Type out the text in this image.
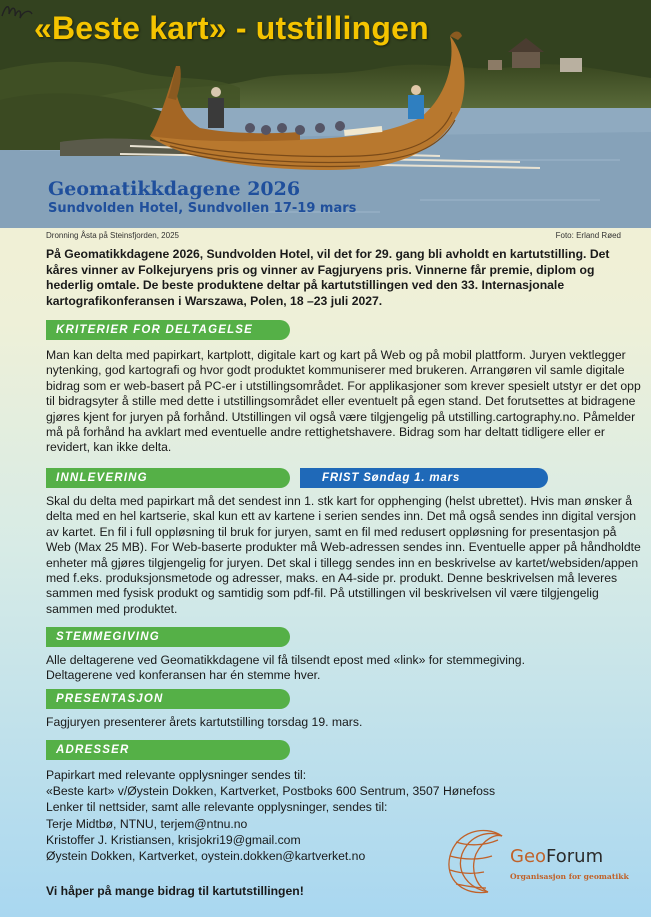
«Beste kart» - utstillingen
Geomatikkdagene 2026
Sundvolden Hotel, Sundvollen 17-19 mars
Dronning Åsta på Steinsfjorden, 2025	Foto: Erland Røed
På Geomatikkdagene 2026, Sundvolden Hotel, vil det for 29. gang bli avholdt en kartutstilling. Det kåres vinner av Folkejuryens pris og vinner av Fagjuryens pris. Vinnerne får premie, diplom og hederlig omtale. De beste produktene deltar på kartutstillingen ved den 33. Internasjonale kartografikonferansen i Warszawa, Polen, 18 –23 juli 2027.
KRITERIER FOR DELTAGELSE
Man kan delta med papirkart, kartplott, digitale kart og kart på Web og på mobil plattform. Juryen vektlegger nytenking, god kartografi og hvor godt produktet kommuniserer med brukeren. Arrangøren vil samle digitale bidrag som er web-basert på PC-er i utstillingsområdet. For applikasjoner som krever spesielt utstyr er det opp til bidragsyter å stille med dette i utstillingsområdet eller eventuelt på egen stand. Det forutsettes at bidragene gjøres kjent for juryen på forhånd. Utstillingen vil også være tilgjengelig på utstilling.cartography.no. Påmelder må på forhånd ha avklart med eventuelle andre rettighetshavere. Bidrag som har deltatt tidligere eller er revidert, kan ikke delta.
INNLEVERING	FRIST Søndag 1. mars
Skal du delta med papirkart må det sendest inn 1. stk kart for opphenging (helst ubrettet). Hvis man ønsker å delta med en hel kartserie, skal kun ett av kartene i serien sendes inn. Det må også sendes inn digital versjon av kartet. En fil i full oppløsning til bruk for juryen, samt en fil med redusert oppløsning for presentasjon på Web (Max 25 MB). For Web-baserte produkter må Web-adressen sendes inn. Eventuelle apper på håndholdte enheter må gjøres tilgjengelig for juryen. Det skal i tillegg sendes inn en beskrivelse av kartet/websiden/appen med f.eks. produksjonsmetode og adresser, maks. en A4-side pr. produkt. Denne beskrivelsen må leveres sammen med fysisk produkt og samtidig som pdf-fil. På utstillingen vil beskrivelsen vil være tilgjengelig sammen med produktet.
STEMMEGIVING
Alle deltagerene ved Geomatikkdagene vil få tilsendt epost med «link» for stemmegiving.
Deltagerene ved konferansen har én stemme hver.
PRESENTASJON
Fagjuryen presenterer årets kartutstilling torsdag 19. mars.
ADRESSER
Papirkart med relevante opplysninger sendes til:
«Beste kart» v/Øystein Dokken, Kartverket, Postboks 600 Sentrum, 3507 Hønefoss
Lenker til nettsider, samt alle relevante opplysninger, sendes til:
Terje Midtbø, NTNU, terjem@ntnu.no
Kristoffer J. Kristiansen, krisjokri19@gmail.com
Øystein Dokken, Kartverket, oystein.dokken@kartverket.no
Vi håper på mange bidrag til kartutstillingen!
GeoForum
Organisasjon for geomatikk
